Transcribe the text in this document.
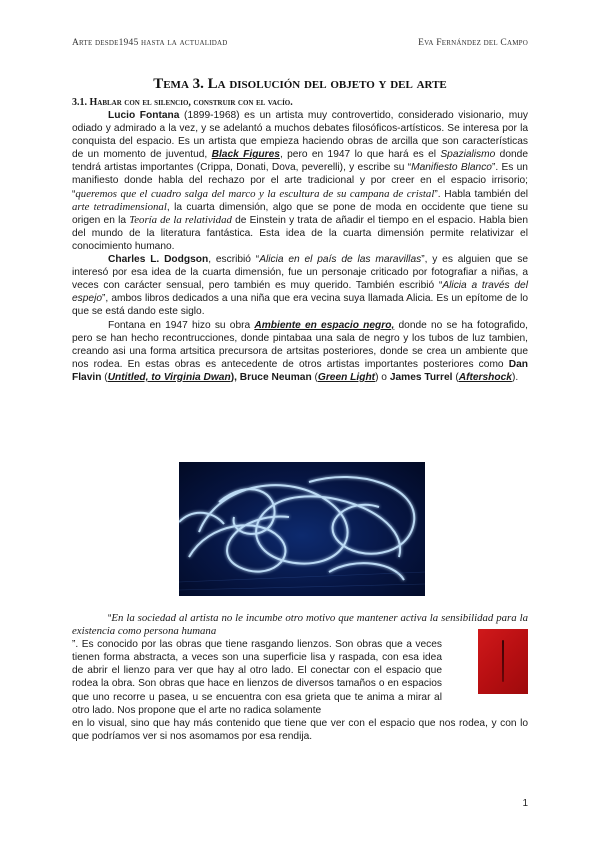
Arte desde1945 hasta la actualidad	Eva Fernández del Campo
Tema 3. La disolución del objeto y del arte
3.1. Hablar con el silencio, construir con el vacío.

Lucio Fontana (1899-1968) es un artista muy controvertido, considerado visionario, muy odiado y admirado a la vez, y se adelantó a muchos debates filosóficos-artísticos. Se interesa por la conquista del espacio. Es un artista que empieza haciendo obras de arcilla que son características de un momento de juventud, Black Figures, pero en 1947 lo que hará es el Spazialismo donde tendrá artistas importantes (Crippa, Donati, Dova, peverelli), y escribe su “Manifiesto Blanco”. Es un manifiesto donde habla del rechazo por el arte tradicional y por creer en el espacio irrisorio; “queremos que el cuadro salga del marco y la escultura de su campana de cristal”. Habla también del arte tetradimensional, la cuarta dimensión, algo que se pone de moda en occidente que tiene su origen en la Teoría de la relatividad de Einstein y trata de añadir el tiempo en el espacio. Habla bien del mundo de la literatura fantástica. Esta idea de la cuarta dimensión permite relativizar el conocimiento humano.

Charles L. Dodgson, escribió “Alicia en el país de las maravillas”, y es alguien que se interesó por esa idea de la cuarta dimensión, fue un personaje criticado por fotografiar a niñas, a veces con carácter sensual, pero también es muy querido. También escribió “Alicia a través del espejo”, ambos libros dedicados a una niña que era vecina suya llamada Alicia. Es un epítome de lo que se está dando este siglo.

Fontana en 1947 hizo su obra Ambiente en espacio negro, donde no se ha fotografido, pero se han hecho recontrucciones, donde pintabaa una sala de negro y los tubos de luz tambien, creando asi una forma artsitica precursora de artsitas posteriores, donde se crea un ambiente que nos rodea. En estas obras es antecedente de otros artistas importantes posteriores como Dan Flavin (Untitled, to Virginia Dwan), Bruce Neuman (Green Light) o James Turrel (Aftershock).

“En la sociedad al artista no le incumbe otro motivo que mantener activa la sensibilidad para la existencia como persona humana

”. Es conocido por las obras que tiene rasgando lienzos. Son obras que a veces tienen forma abstracta, a veces son una superficie lisa y raspada, con esa idea de abrir el lienzo para ver que hay al otro lado. El conectar con el espacio que rodea la obra. Son obras que hace en lienzos de diversos tamaños o en espacios que uno recorre u pasea, u se encuentra con esa grieta que te anima a mirar al otro lado. Nos propone que el arte no radica solamente

en lo visual, sino que hay más contenido que tiene que ver con el espacio que nos rodea, y con lo que podríamos ver si nos asomamos por esa rendija.

1
